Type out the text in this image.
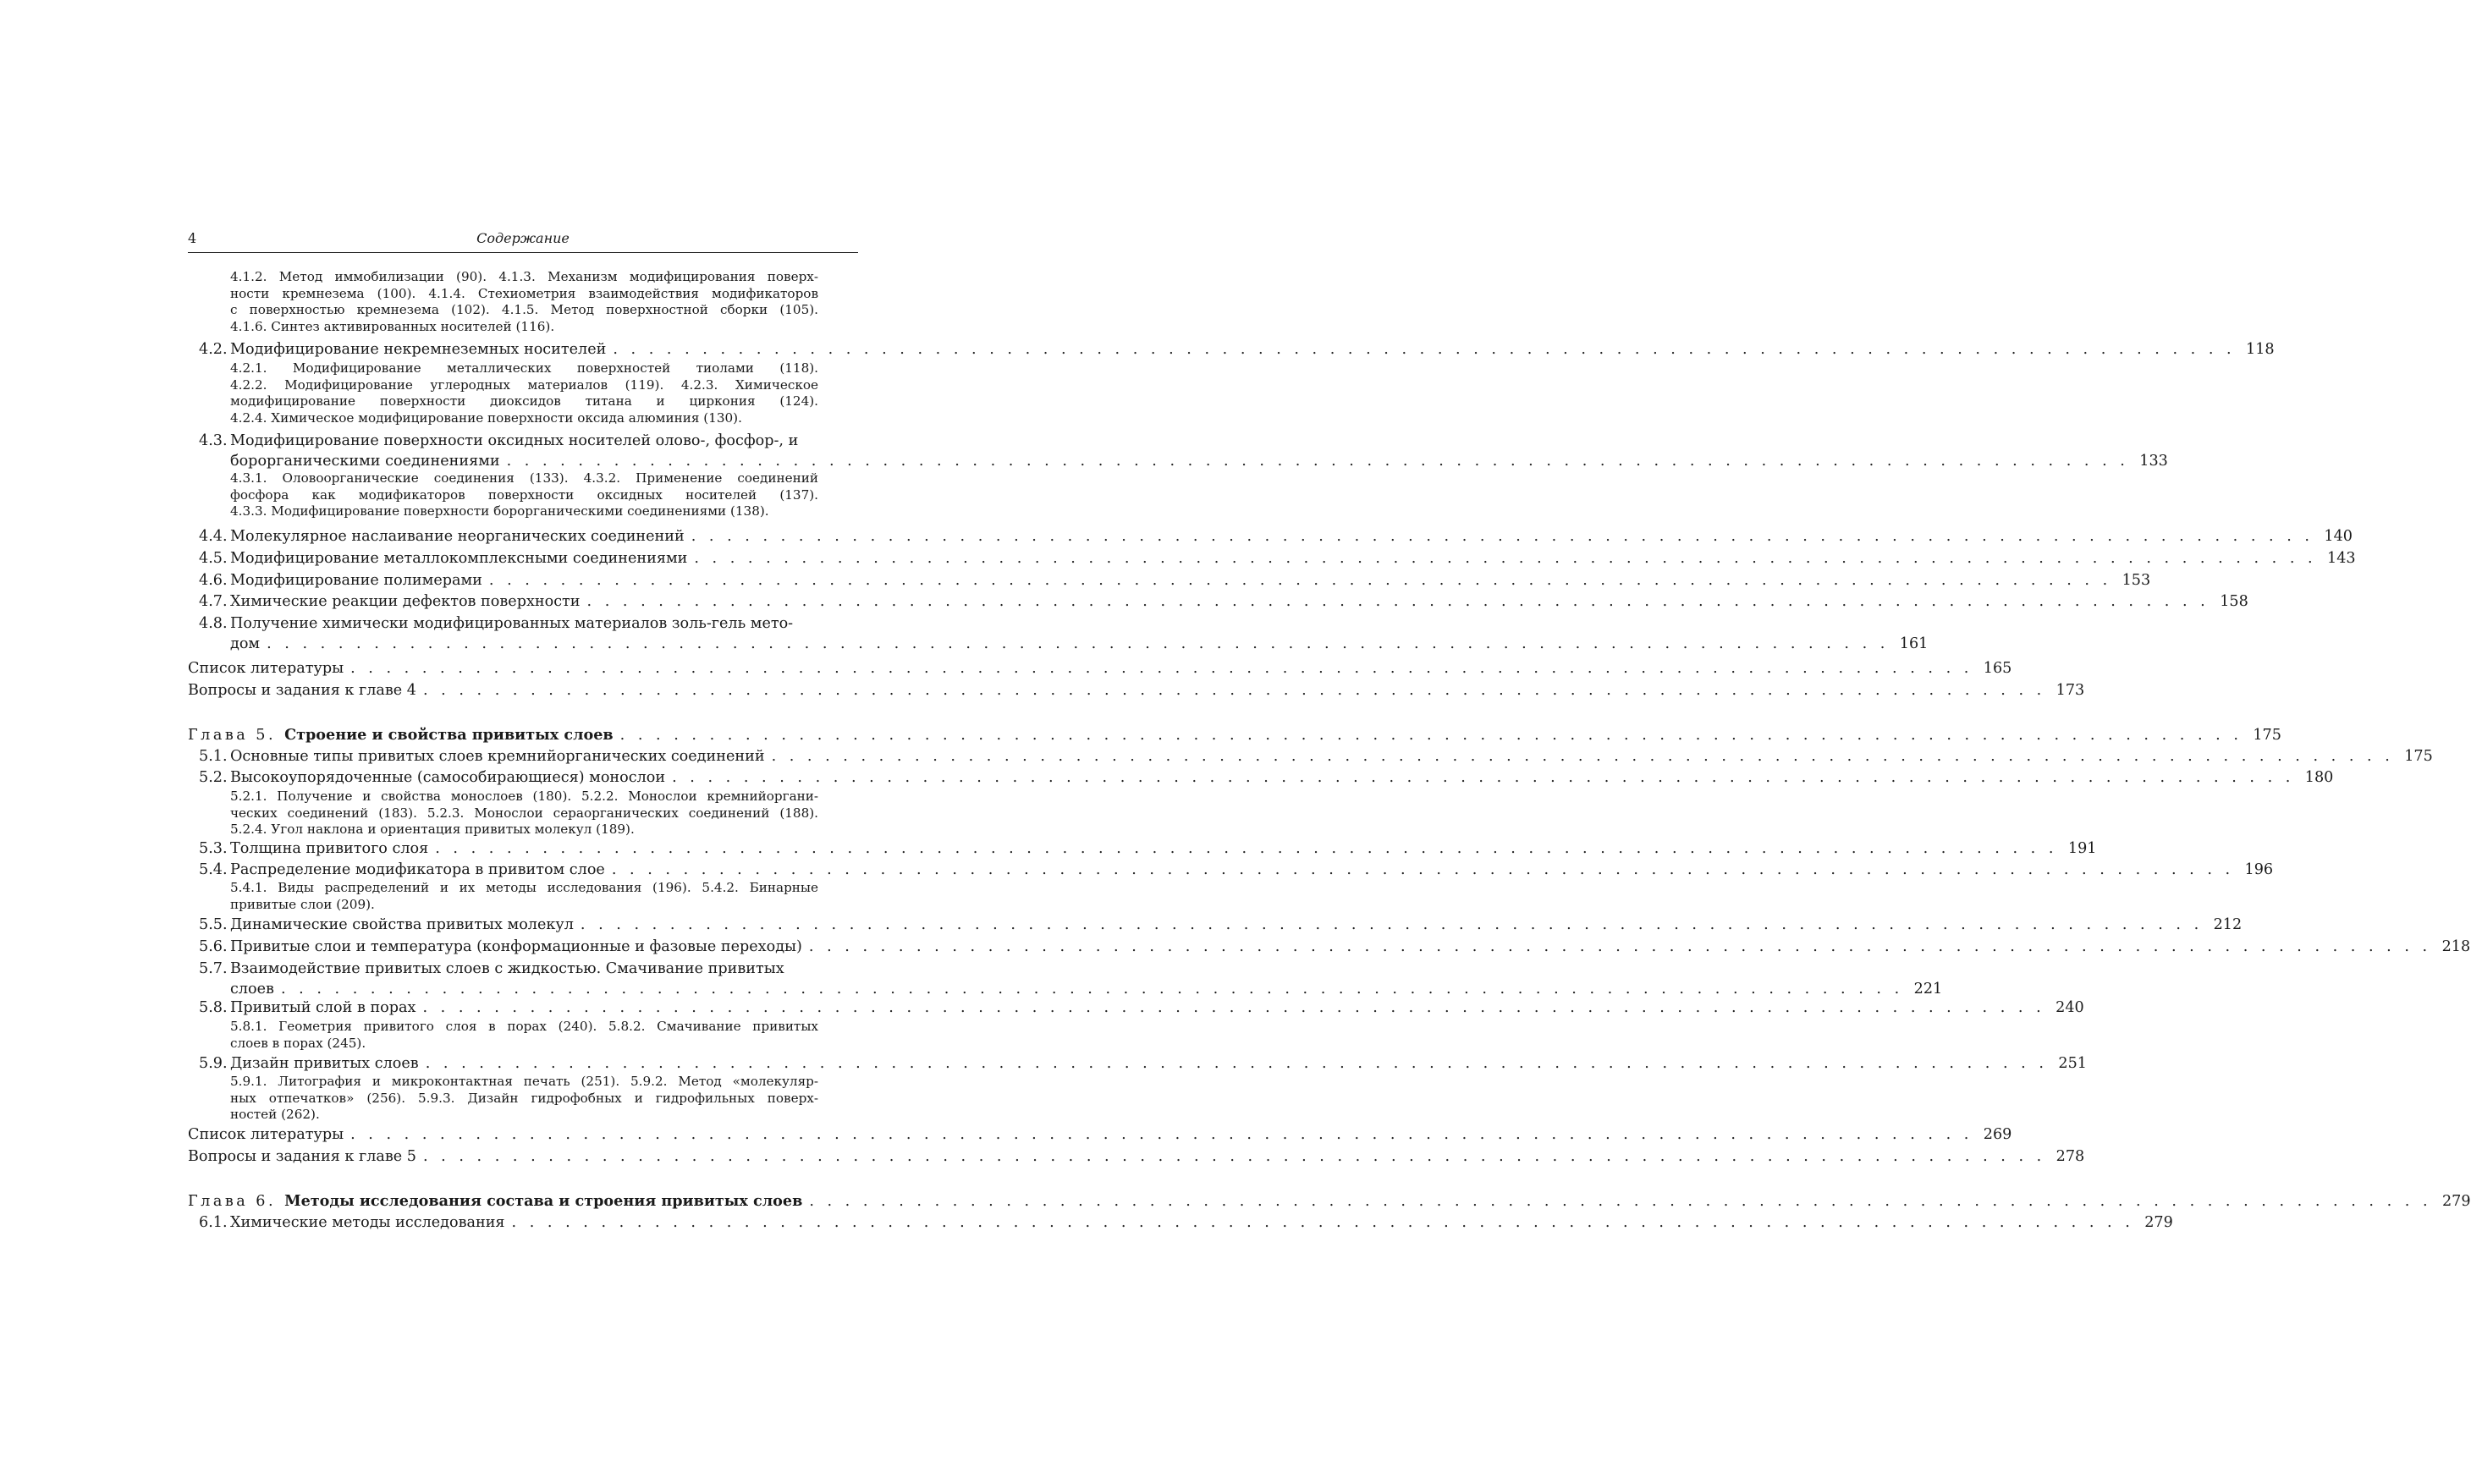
4	Содержание
4.1.2. Метод иммобилизации (90). 4.1.3. Механизм модифицирования поверх-
ности кремнезема (100). 4.1.4. Стехиометрия взаимодействия модификаторов
с поверхностью кремнезема (102). 4.1.5. Метод поверхностной сборки (105).
4.1.6. Синтез активированных носителей (116).
4.2. Модифицирование некремнеземных носителей . . . . . . . . . . . . . . . . . . . . . . . . . . . . . . . . . . . . . . . . . . . . . . . . . . . . . . . . . . . . . . . . . . . . . . . . . . . . . . . . . . . . . . . . . . . 118
4.2.1. Модифицирование металлических поверхностей тиолами (118).
4.2.2. Модифицирование углеродных материалов (119). 4.2.3. Химическое
модифицирование поверхности диоксидов титана и циркония (124).
4.2.4. Химическое модифицирование поверхности оксида алюминия (130).
4.3. Модифицирование поверхности оксидных носителей олово-, фосфор-, и
борорганическими соединениями . . . . . . . . . . . . . . . . . . . . . . . . . . . . . . . . . . . . . . . . . . . . . . . . . . . . . . . . . . . . . . . . . . . . . . . . . . . . . . . . . . . . . . . . . . . 133
4.3.1. Оловоорганические соединения (133). 4.3.2. Применение соединений
фосфора как модификаторов поверхности оксидных носителей (137).
4.3.3. Модифицирование поверхности борорганическими соединениями (138).
4.4. Молекулярное наслаивание неорганических соединений . . . . . . . . . . . . . . . . . . . . . . . . . . . . . . . . . . . . . . . . . . . . . . . . . . . . . . . . . . . . . . . . . . . . . . . . . . . . . . . . . . . . . . . . . . . 140
4.5. Модифицирование металлокомплексными соединениями . . . . . . . . . . . . . . . . . . . . . . . . . . . . . . . . . . . . . . . . . . . . . . . . . . . . . . . . . . . . . . . . . . . . . . . . . . . . . . . . . . . . . . . . . . . 143
4.6. Модифицирование полимерами . . . . . . . . . . . . . . . . . . . . . . . . . . . . . . . . . . . . . . . . . . . . . . . . . . . . . . . . . . . . . . . . . . . . . . . . . . . . . . . . . . . . . . . . . . . 153
4.7. Химические реакции дефектов поверхности . . . . . . . . . . . . . . . . . . . . . . . . . . . . . . . . . . . . . . . . . . . . . . . . . . . . . . . . . . . . . . . . . . . . . . . . . . . . . . . . . . . . . . . . . . . 158
4.8. Получение химически модифицированных материалов золь-гель мето-
дом . . . . . . . . . . . . . . . . . . . . . . . . . . . . . . . . . . . . . . . . . . . . . . . . . . . . . . . . . . . . . . . . . . . . . . . . . . . . . . . . . . . . . . . . . . . 161
Список литературы . . . . . . . . . . . . . . . . . . . . . . . . . . . . . . . . . . . . . . . . . . . . . . . . . . . . . . . . . . . . . . . . . . . . . . . . . . . . . . . . . . . . . . . . . . . 165
Вопросы и задания к главе 4 . . . . . . . . . . . . . . . . . . . . . . . . . . . . . . . . . . . . . . . . . . . . . . . . . . . . . . . . . . . . . . . . . . . . . . . . . . . . . . . . . . . . . . . . . . . 173
Глава 5. Строение и свойства привитых слоев . . . . . . . . . . . . . . . . . . . . . . . . . . . . . . . . . . . . . . . . . . . . . . . . . . . . . . . . . . . . . . . . . . . . . . . . . . . . . . . . . . . . . . . . . . . 175
5.1. Основные типы привитых слоев кремнийорганических соединений . . . . . . . . . . . . . . . . . . . . . . . . . . . . . . . . . . . . . . . . . . . . . . . . . . . . . . . . . . . . . . . . . . . . . . . . . . . . . . . . . . . . . . . . . . . 175
5.2. Высокоупорядоченные (самособирающиеся) монослои . . . . . . . . . . . . . . . . . . . . . . . . . . . . . . . . . . . . . . . . . . . . . . . . . . . . . . . . . . . . . . . . . . . . . . . . . . . . . . . . . . . . . . . . . . . 180
5.2.1. Получение и свойства монослоев (180). 5.2.2. Монослои кремнийоргани-
ческих соединений (183). 5.2.3. Монослои сераорганических соединений (188).
5.2.4. Угол наклона и ориентация привитых молекул (189).
5.3. Толщина привитого слоя . . . . . . . . . . . . . . . . . . . . . . . . . . . . . . . . . . . . . . . . . . . . . . . . . . . . . . . . . . . . . . . . . . . . . . . . . . . . . . . . . . . . . . . . . . . 191
5.4. Распределение модификатора в привитом слое . . . . . . . . . . . . . . . . . . . . . . . . . . . . . . . . . . . . . . . . . . . . . . . . . . . . . . . . . . . . . . . . . . . . . . . . . . . . . . . . . . . . . . . . . . . 196
5.4.1. Виды распределений и их методы исследования (196). 5.4.2. Бинарные
привитые слои (209).
5.5. Динамические свойства привитых молекул . . . . . . . . . . . . . . . . . . . . . . . . . . . . . . . . . . . . . . . . . . . . . . . . . . . . . . . . . . . . . . . . . . . . . . . . . . . . . . . . . . . . . . . . . . . 212
5.6. Привитые слои и температура (конформационные и фазовые переходы) . . . . . . . . . . . . . . . . . . . . . . . . . . . . . . . . . . . . . . . . . . . . . . . . . . . . . . . . . . . . . . . . . . . . . . . . . . . . . . . . . . . . . . . . . . . 218
5.7. Взаимодействие привитых слоев с жидкостью. Смачивание привитых
слоев . . . . . . . . . . . . . . . . . . . . . . . . . . . . . . . . . . . . . . . . . . . . . . . . . . . . . . . . . . . . . . . . . . . . . . . . . . . . . . . . . . . . . . . . . . . 221
5.8. Привитый слой в порах . . . . . . . . . . . . . . . . . . . . . . . . . . . . . . . . . . . . . . . . . . . . . . . . . . . . . . . . . . . . . . . . . . . . . . . . . . . . . . . . . . . . . . . . . . . 240
5.8.1. Геометрия привитого слоя в порах (240). 5.8.2. Смачивание привитых
слоев в порах (245).
5.9. Дизайн привитых слоев . . . . . . . . . . . . . . . . . . . . . . . . . . . . . . . . . . . . . . . . . . . . . . . . . . . . . . . . . . . . . . . . . . . . . . . . . . . . . . . . . . . . . . . . . . . 251
5.9.1. Литография и микроконтактная печать (251). 5.9.2. Метод «молекуляр-
ных отпечатков» (256). 5.9.3. Дизайн гидрофобных и гидрофильных поверх-
ностей (262).
Список литературы . . . . . . . . . . . . . . . . . . . . . . . . . . . . . . . . . . . . . . . . . . . . . . . . . . . . . . . . . . . . . . . . . . . . . . . . . . . . . . . . . . . . . . . . . . . 269
Вопросы и задания к главе 5 . . . . . . . . . . . . . . . . . . . . . . . . . . . . . . . . . . . . . . . . . . . . . . . . . . . . . . . . . . . . . . . . . . . . . . . . . . . . . . . . . . . . . . . . . . . 278
Глава 6. Методы исследования состава и строения привитых слоев . . . . . . . . . . . . . . . . . . . . . . . . . . . . . . . . . . . . . . . . . . . . . . . . . . . . . . . . . . . . . . . . . . . . . . . . . . . . . . . . . . . . . . . . . . . 279
6.1. Химические методы исследования . . . . . . . . . . . . . . . . . . . . . . . . . . . . . . . . . . . . . . . . . . . . . . . . . . . . . . . . . . . . . . . . . . . . . . . . . . . . . . . . . . . . . . . . . . . 279
